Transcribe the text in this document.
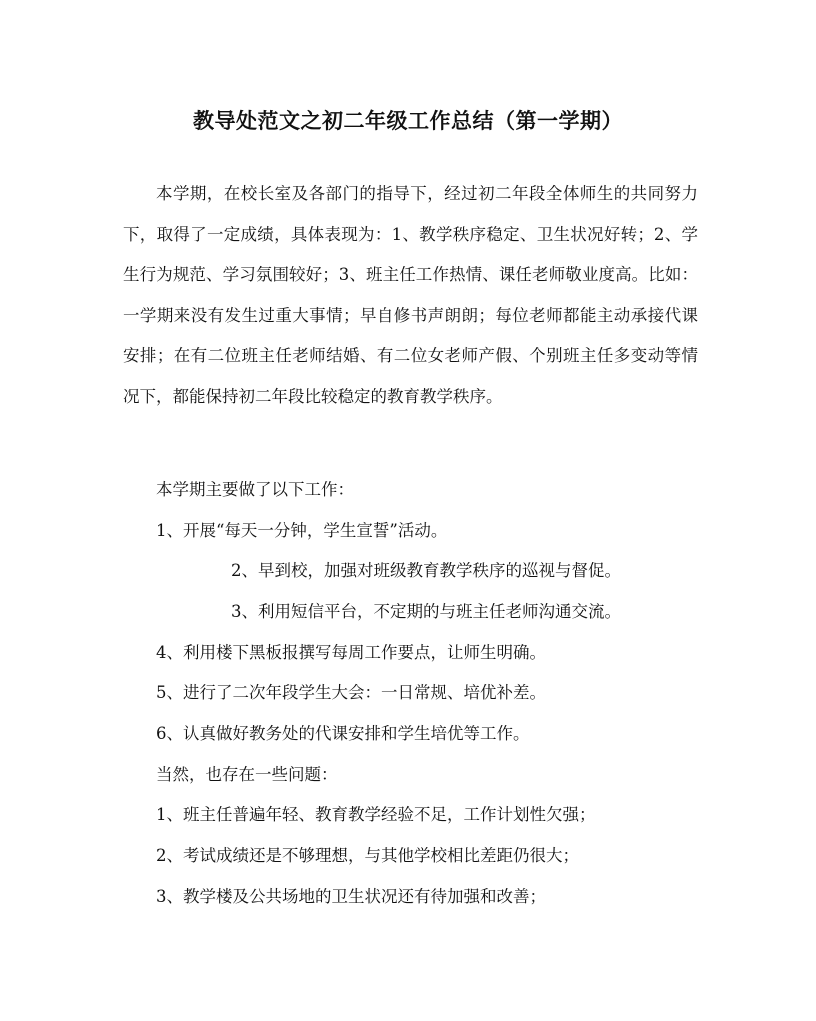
教导处范文之初二年级工作总结（第一学期）

本学期，在校长室及各部门的指导下，经过初二年段全体师生的共同努力下，取得了一定成绩，具体表现为：1、教学秩序稳定、卫生状况好转；2、学生行为规范、学习氛围较好；3、班主任工作热情、课任老师敬业度高。比如：一学期来没有发生过重大事情；早自修书声朗朗；每位老师都能主动承接代课安排；在有二位班主任老师结婚、有二位女老师产假、个别班主任多变动等情况下，都能保持初二年段比较稳定的教育教学秩序。

本学期主要做了以下工作：

1、开展“每天一分钟，学生宣誓”活动。

2、早到校，加强对班级教育教学秩序的巡视与督促。

3、利用短信平台，不定期的与班主任老师沟通交流。

4、利用楼下黑板报撰写每周工作要点，让师生明确。

5、进行了二次年段学生大会：一日常规、培优补差。

6、认真做好教务处的代课安排和学生培优等工作。

当然，也存在一些问题：

1、班主任普遍年轻、教育教学经验不足，工作计划性欠强；

2、考试成绩还是不够理想，与其他学校相比差距仍很大；

3、教学楼及公共场地的卫生状况还有待加强和改善；
